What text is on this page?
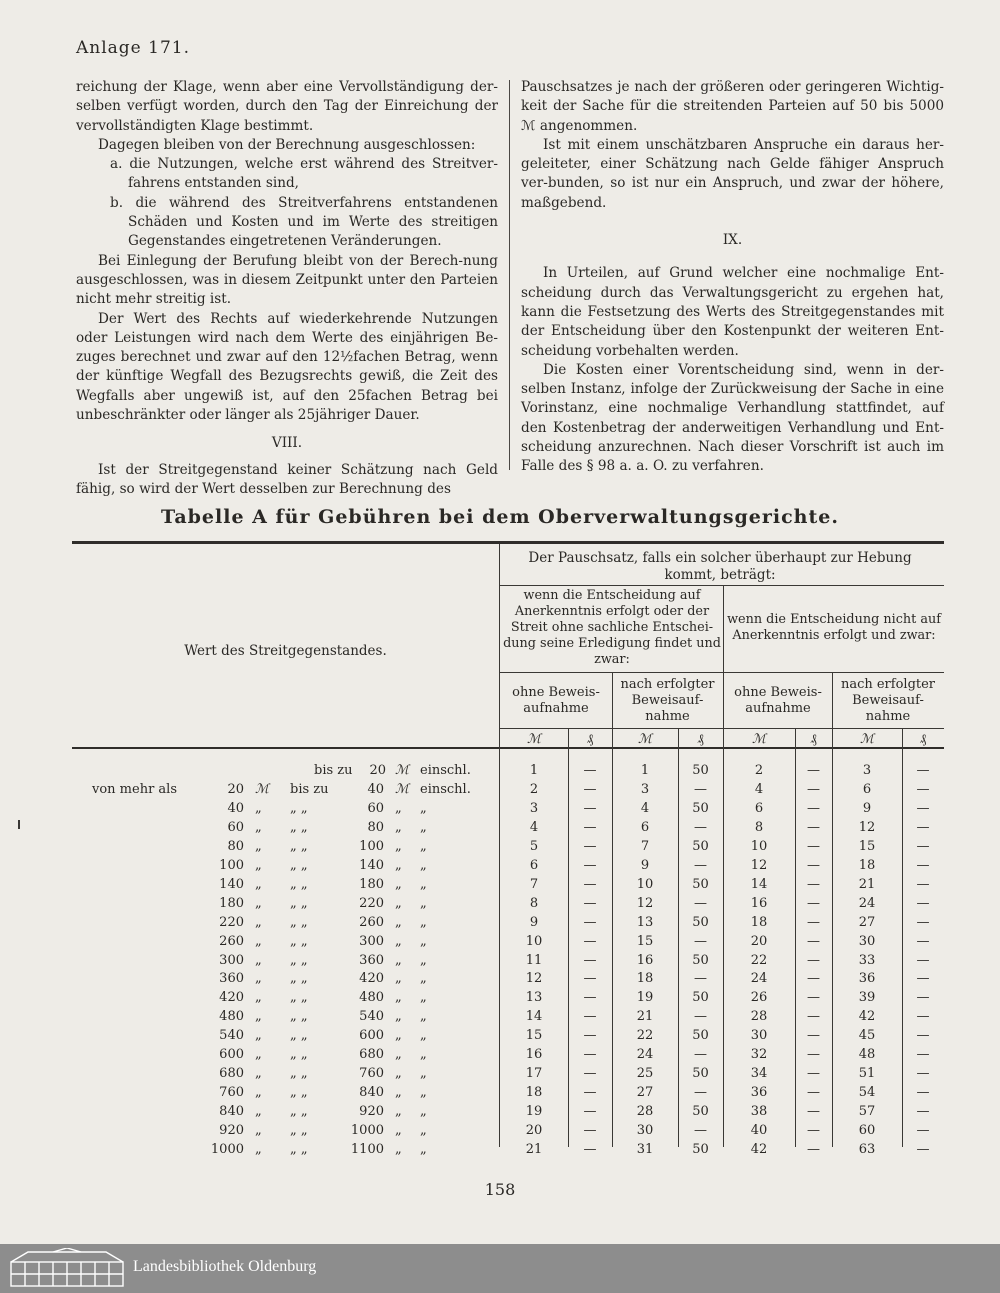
Anlage 171.

reichung der Klage, wenn aber eine Vervollständigung der-selben verfügt worden, durch den Tag der Einreichung der vervollständigten Klage bestimmt.

Dagegen bleiben von der Berechnung ausgeschlossen:

a. die Nutzungen, welche erst während des Streitver-fahrens entstanden sind,

b. die während des Streitverfahrens entstandenen Schäden und Kosten und im Werte des streitigen Gegenstandes eingetretenen Veränderungen.

Bei Einlegung der Berufung bleibt von der Berech-nung ausgeschlossen, was in diesem Zeitpunkt unter den Parteien nicht mehr streitig ist.

Der Wert des Rechts auf wiederkehrende Nutzungen oder Leistungen wird nach dem Werte des einjährigen Be-zuges berechnet und zwar auf den 12½fachen Betrag, wenn der künftige Wegfall des Bezugsrechts gewiß, die Zeit des Wegfalls aber ungewiß ist, auf den 25fachen Betrag bei unbeschränkter oder länger als 25jähriger Dauer.

VIII.

Ist der Streitgegenstand keiner Schätzung nach Geld fähig, so wird der Wert desselben zur Berechnung des

Pauschsatzes je nach der größeren oder geringeren Wichtig-keit der Sache für die streitenden Parteien auf 50 bis 5000 ℳ angenommen.

Ist mit einem unschätzbaren Anspruche ein daraus her-geleiteter, einer Schätzung nach Gelde fähiger Anspruch ver-bunden, so ist nur ein Anspruch, und zwar der höhere, maßgebend.

IX.

In Urteilen, auf Grund welcher eine nochmalige Ent-scheidung durch das Verwaltungsgericht zu ergehen hat, kann die Festsetzung des Werts des Streitgegenstandes mit der Entscheidung über den Kostenpunkt der weiteren Ent-scheidung vorbehalten werden.

Die Kosten einer Vorentscheidung sind, wenn in der-selben Instanz, infolge der Zurückweisung der Sache in eine Vorinstanz, eine nochmalige Verhandlung stattfindet, auf den Kostenbetrag der anderweitigen Verhandlung und Ent-scheidung anzurechnen. Nach dieser Vorschrift ist auch im Falle des § 98 a. a. O. zu verfahren.

Tabelle A für Gebühren bei dem Oberverwaltungsgerichte.
Wert des Streitgegenstandes.
Der Pauschsatz, falls ein solcher überhaupt zur Hebung kommt, beträgt:
wenn die Entscheidung auf Anerkenntnis erfolgt oder der Streit ohne sachliche Entschei-dung seine Erledigung findet und zwar:
wenn die Entscheidung nicht auf Anerkenntnis erfolgt und zwar:
ohne Beweis-aufnahme
nach erfolgter Beweisauf-nahme
ohne Beweis-aufnahme
nach erfolgter Beweisauf-nahme
ℳ	₰	ℳ	₰	ℳ	₰	ℳ	₰
bis zu	20 ℳ einschl.	1	—	1	50	2	—	3	—
von mehr als	20 ℳ bis zu	40 ℳ einschl.	2	—	3	—	4	—	6	—
40 „ „ „	60 „ „	3	—	4	50	6	—	9	—
60 „ „ „	80 „ „	4	—	6	—	8	—	12	—
80 „ „ „	100 „ „	5	—	7	50	10	—	15	—
100 „ „ „	140 „ „	6	—	9	—	12	—	18	—
140 „ „ „	180 „ „	7	—	10	50	14	—	21	—
180 „ „ „	220 „ „	8	—	12	—	16	—	24	—
220 „ „ „	260 „ „	9	—	13	50	18	—	27	—
260 „ „ „	300 „ „	10	—	15	—	20	—	30	—
300 „ „ „	360 „ „	11	—	16	50	22	—	33	—
360 „ „ „	420 „ „	12	—	18	—	24	—	36	—
420 „ „ „	480 „ „	13	—	19	50	26	—	39	—
480 „ „ „	540 „ „	14	—	21	—	28	—	42	—
540 „ „ „	600 „ „	15	—	22	50	30	—	45	—
600 „ „ „	680 „ „	16	—	24	—	32	—	48	—
680 „ „ „	760 „ „	17	—	25	50	34	—	51	—
760 „ „ „	840 „ „	18	—	27	—	36	—	54	—
840 „ „ „	920 „ „	19	—	28	50	38	—	57	—
920 „ „ „	1000 „ „	20	—	30	—	40	—	60	—
1000 „ „ „	1100 „ „	21	—	31	50	42	—	63	—
158
Landesbibliothek Oldenburg
